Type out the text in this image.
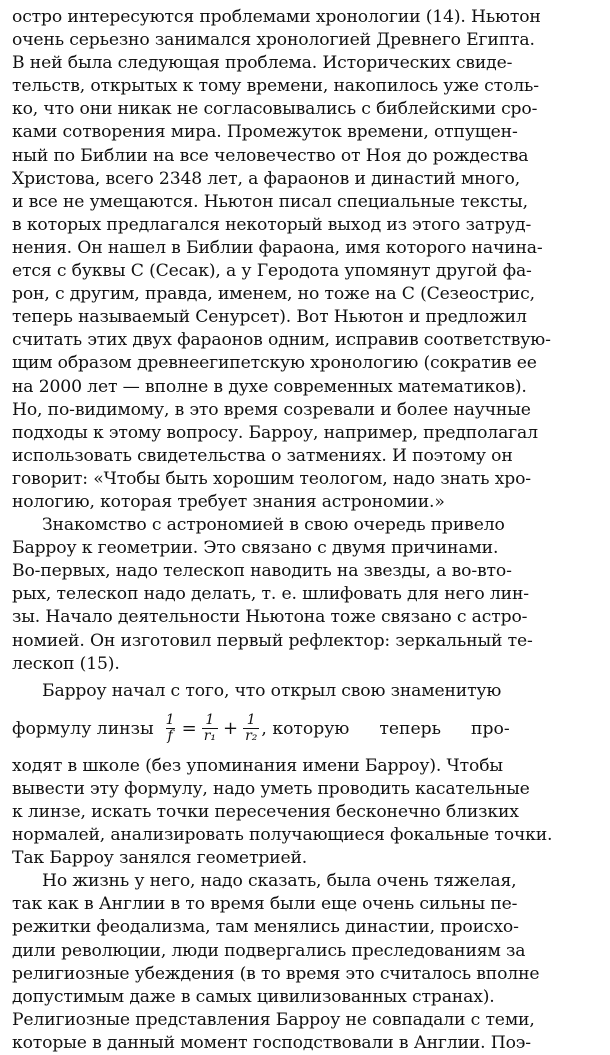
остро интересуются проблемами хронологии (14). Ньютон
очень серьезно занимался хронологией Древнего Египта.
В ней была следующая проблема. Исторических свиде-
тельств, открытых к тому времени, накопилось уже столь-
ко, что они никак не согласовывались с библейскими сро-
ками сотворения мира. Промежуток времени, отпущен-
ный по Библии на все человечество от Ноя до рождества
Христова, всего 2348 лет, а фараонов и династий много,
и все не умещаются. Ньютон писал специальные тексты,
в которых предлагался некоторый выход из этого затруд-
нения. Он нашел в Библии фараона, имя которого начина-
ется с буквы С (Сесак), а у Геродота упомянут другой фа-
рон, с другим, правда, именем, но тоже на С (Сезеострис,
теперь называемый Сенурсет). Вот Ньютон и предложил
считать этих двух фараонов одним, исправив соответствую-
щим образом древнеегипетскую хронологию (сократив ее
на 2000 лет — вполне в духе современных математиков).
Но, по-видимому, в это время созревали и более научные
подходы к этому вопросу. Барроу, например, предполагал
использовать свидетельства о затмениях. И поэтому он
говорит: «Чтобы быть хорошим теологом, надо знать хро-
нологию, которая требует знания астрономии.»
Знакомство с астрономией в свою очередь привело
Барроу к геометрии. Это связано с двумя причинами.
Во-первых, надо телескоп наводить на звезды, а во-вто-
рых, телескоп надо делать, т. е. шлифовать для него лин-
зы. Начало деятельности Ньютона тоже связано с астро-
номией. Он изготовил первый рефлектор: зеркальный те-
лескоп (15).
Барроу начал с того, что открыл свою знаменитую
формулу линзы $\frac{1}{f} = \frac{1}{\text{r₁}} + \frac{1}{\text{r₂}}$ , которую теперь про-
ходят в школе (без упоминания имени Барроу). Чтобы
вывести эту формулу, надо уметь проводить касательные
к линзе, искать точки пересечения бесконечно близких
нормалей, анализировать получающиеся фокальные точки.
Так Барроу занялся геометрией.
Но жизнь у него, надо сказать, была очень тяжелая,
так как в Англии в то время были еще очень сильны пе-
режитки феодализма, там менялись династии, происхо-
дили революции, люди подвергались преследованиям за
религиозные убеждения (в то время это считалось вполне
допустимым даже в самых цивилизованных странах).
Религиозные представления Барроу не совпадали с теми,
которые в данный момент господствовали в Англии. Поэ-
